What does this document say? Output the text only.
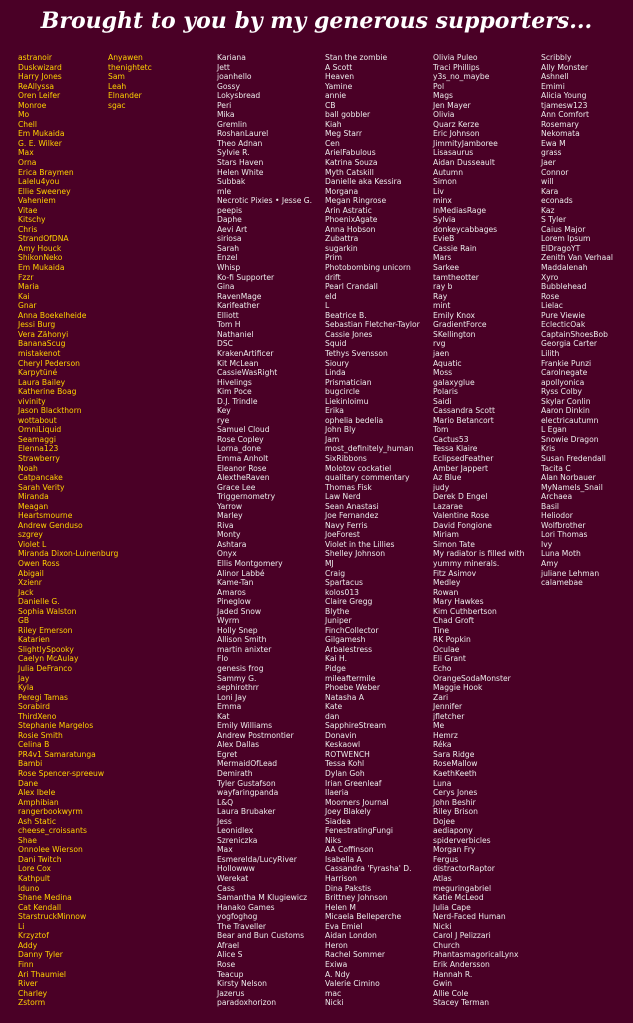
Brought to you by my generous supporters...
astranoir
Duskwizard
Harry Jones
ReAllyssa
Oren Leifer
Monroe
Mo
Chell
Em Mukaida
G. E. Wilker
Max
Orna
Erica Braymen
Lalelu4you
Ellie Sweeney
Vaheniem
Vitae
Kitschy
Chris
StrandOfDNA
Amy Houck
ShikonNeko
Em Mukaida
Fzzr
Maria
Kai
Gnar
Anna Boekelheide
Jessi Burg
Vera Zähonyi
BananaScug
mistakenot
Cheryl Pederson
Karpytüné
Laura Bailey
Katherine Boag
vivinity
Jason Blackthorn
wottabout
OmniLiquid
Seamaggi
Elenna123
Strawberry
Noah
Catpancake
Sarah Verity
Miranda
Meagan
Heartsmourne
Andrew Genduso
szgrey
Violet L
Miranda Dixon-Luinenburg
Owen Ross
Abigail
Xzienr
Jack
Danielle G.
Sophia Walston
GB
Riley Emerson
Katarien
SlightlySpooky
Caelyn McAulay
Julia DeFranco
Jay
Kyla
Peregi Tamas
Sorabird
ThirdXeno
Stephanie Margelos
Rosie Smith
Celina B
PR4v1 Samaratunga
Bambi
Rose Spencer-spreeuw
Dane
Alex Ibele
Amphibian
rangerbookwyrm
Ash Static
cheese_croissants
Shae
Onnolee Wierson
Dani Twitch
Lore Cox
Kathpult
Iduno
Shane Medina
Cat Kendall
StarstruckMinnow
Li
Krzyztof
Addy
Danny Tyler
Finn
Ari Thaumiel
River
Charley
Zstorm
Anyawen
thenightetc
Sam
Leah
Elnander
sgac
Kariana
Jett
joanhello
Gossy
Lokysbread
Peri
Mika
Gremlin
RoshanLaurel
Theo Adnan
Sylvie R.
Stars Haven
Helen White
Subbak
mle
Necrotic Pixies • Jesse G.
peepis
Daphe
Aevi Art
siriosa
Sarah
Enzel
Whisp
Ko-fi Supporter
Gina
RavenMage
Karifeather
Elliott
Tom H
Nathaniel
DSC
KrakenArtificer
Kit McLean
CassieWasRight
Hivelings
Kim Poce
D.J. Trindle
Key
rye
Samuel Cloud
Rose Copley
Lorna_done
Emma Anholt
Eleanor Rose
AlextheRaven
Grace Lee
Triggernometry
Yarrow
Marley
Riva
Monty
Ashtara
Onyx
Ellis Montgomery
Alinor Labbé
Kame-Tan
Amaros
Pineglow
Jaded Snow
Wyrm
Holly Snep
Allison Smith
martin anixter
Flo
genesis frog
Sammy G.
sephirothrr
Loni Jay
Emma
Kat
Emily Williams
Andrew Postmontier
Alex Dallas
Egret
MermaidOfLead
Demirath
Tyler Gustafson
wayfaringpanda
L&Q
Laura Brubaker
Jess
Leonidlex
Szreniczka
Max
Esmerelda/LucyRiver
Hollowww
Werekat
Cass
Samantha M Klugiewicz
Hanako Games
yogfoghog
The Traveller
Bear and Bun Customs
Afrael
Alice S
Rose
Teacup
Kirsty Nelson
Jazerus
paradoxhorizon
Stan the zombie
A Scott
Heaven
Yamine
annie
CB
ball gobbler
Kiah
Meg Starr
Cen
ArielFabulous
Katrina Souza
Myth Catskill
Danielle aka Kessira
Morgana
Megan Ringrose
Arin Astratic
PhoenixAgate
Anna Hobson
Zubattra
sugarkin
Prim
Photobombing unicorn
drift
Pearl Crandall
eld
L
Beatrice B.
Sebastian Fletcher-Taylor
Cassie Jones
Squid
Tethys Svensson
Sioury
Linda
Prismatician
bugcircle
Liekinloimu
Erika
ophelia bedelia
John Bly
Jam
most_definitely_human
SixRibbons
Molotov cockatiel
qualitary commentary
Thomas Fisk
Law Nerd
Sean Anastasi
Joe Fernandez
Navy Ferris
JoeForest
Violet in the Lillies
Shelley Johnson
MJ
Craig
Spartacus
kolos013
Claire Gregg
Blythe
Juniper
FinchCollector
Gilgamesh
Arbalestress
Kai H.
Pidge
mileaftermile
Phoebe Weber
Natasha A
Kate
dan
SapphireStream
Donavin
Keskaowl
ROTWENCH
Tessa Kohl
Dylan Goh
Irian Greenleaf
Ilaeria
Moomers Journal
Joey Blakely
Siadea
FenestratingFungi
Niks
AA Coffinson
Isabella A
Cassandra 'Fyrasha' D.
Harrison
Dina Pakstis
Brittney Johnson
Helen M
Micaela Belleperche
Eva Emiel
Aidan London
Heron
Rachel Sommer
Exiwa
A. Ndy
Valerie Cimino
mac
Nicki
Olivia Puleo
Traci Phillips
y3s_no_maybe
Pol
Mags
Jen Mayer
Olivia
Quarz Kerze
Eric Johnson
JimmityJamboree
Lisasaurus
Aidan Dusseault
Autumn
Simon
Liv
minx
InMediasRage
Sylvia
donkeycabbages
EvieB
Cassie Rain
Mars
Sarkee
tamtheotter
ray b
Ray
mint
Emily Knox
GradientForce
SKellington
rvg
jaen
Aquatic
Moss
galaxyglue
Polaris
Saidi
Cassandra Scott
Mario Betancort
Tom
Cactus53
Tessa Klaire
EclipsedFeather
Amber Jappert
Az Blue
judy
Derek D Engel
Lazarae
Valentine Rose
David Fongione
Miriam
Simon Tate
My radiator is filled with
yummy minerals.
Fitz Asimov
Medley
Rowan
Mary Hawkes
Kim Cuthbertson
Chad Groft
Tine
RK Popkin
Oculae
Eli Grant
Echo
OrangeSodaMonster
Maggie Hook
Zari
Jennifer
jfletcher
Me
Hemrz
Réka
Sara Ridge
RoseMallow
KaethKeeth
Luna
Cerys Jones
John Beshir
Riley Brison
Dojee
aediapony
spiderverbicles
Morgan Fry
Fergus
distractorRaptor
Atlas
meguringabriel
Katie McLeod
Julia Cape
Nerd-Faced Human
Nicki
Carol J Pelizzari
Church
PhantasmagoricalLynx
Erik Andersson
Hannah R.
Gwin
Allie Cole
Stacey Terman
Scribbly
Ally Monster
Ashnell
Emimi
Alicia Young
tjamesw123
Ann Comfort
Rosemary
Nekomata
Ewa M
grass
Jaer
Connor
will
Kara
econads
Kaz
S Tyler
Caius Major
Lorem Ipsum
ElDragoYT
Zenith Van Verhaal
Maddalenah
Xyro
Bubblehead
Rose
Lielac
Pure Viewie
EclecticOak
CaptainShoesBob
Georgia Carter
Lilith
Frankie Punzi
Carolnegate
apollyonica
Ryss Colby
Skylar Conlin
Aaron Dinkin
electricautumn
L Egan
Snowie Dragon
Kris
Susan Fredendall
Tacita C
Alan Norbauer
MyNamels_Snail
Archaea
Basil
Heliodor
Wolfbrother
Lori Thomas
Ivy
Luna Moth
Amy
juliane Lehman
calamebae
